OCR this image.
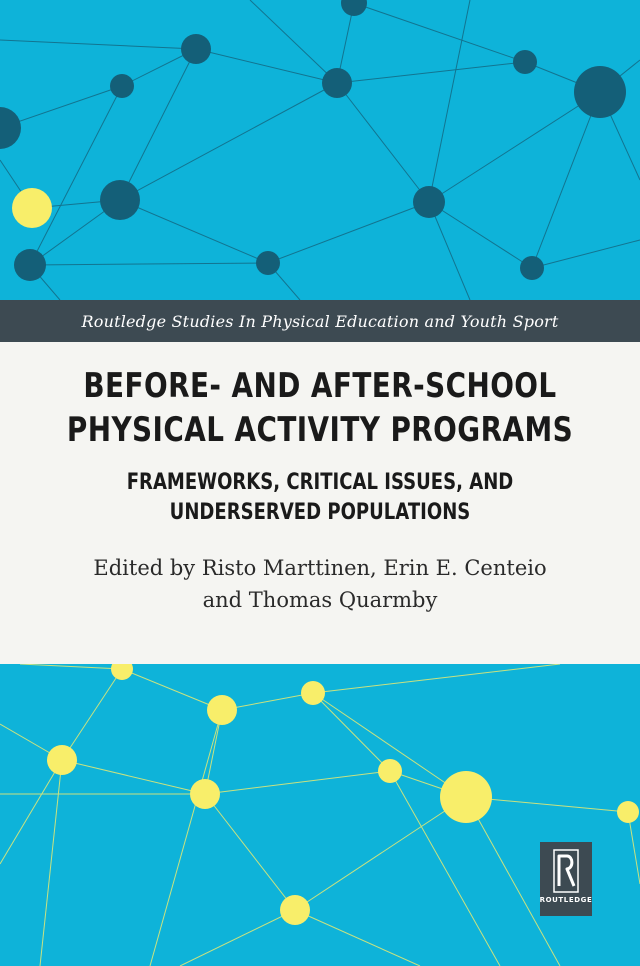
Routledge Studies In Physical Education and Youth Sport
BEFORE- AND AFTER-SCHOOL
PHYSICAL ACTIVITY PROGRAMS
FRAMEWORKS, CRITICAL ISSUES, AND
UNDERSERVED POPULATIONS

Edited by Risto Marttinen, Erin E. Centeio
and Thomas Quarmby

ROUTLEDGE
